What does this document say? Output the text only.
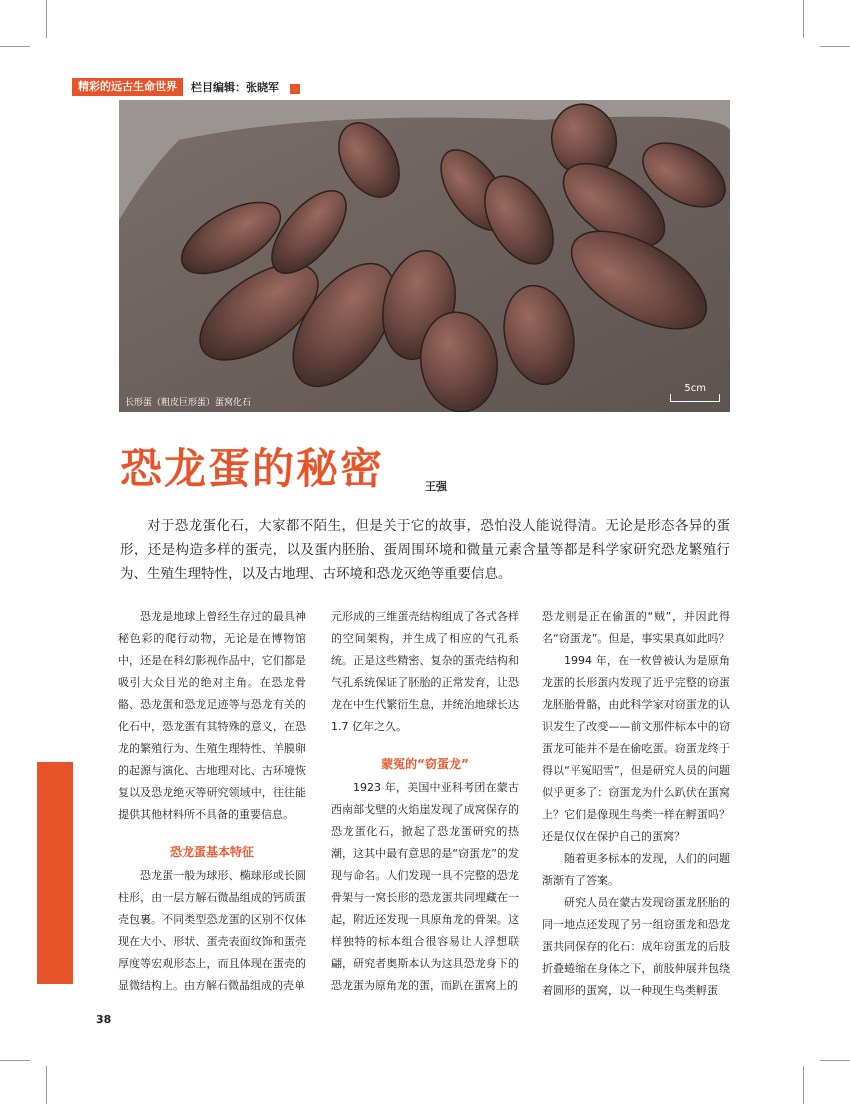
精彩的远古生命世界	栏目编辑：张晓军
长形蛋（粗皮巨形蛋）蛋窝化石
5cm
恐龙蛋的秘密	王强
对于恐龙蛋化石，大家都不陌生，但是关于它的故事，恐怕没人能说得清。无论是形态各异的蛋形，还是构造多样的蛋壳，以及蛋内胚胎、蛋周围环境和微量元素含量等都是科学家研究恐龙繁殖行为、生殖生理特性，以及古地理、古环境和恐龙灭绝等重要信息。

恐龙是地球上曾经生存过的最具神秘色彩的爬行动物，无论是在博物馆中，还是在科幻影视作品中，它们都是吸引大众目光的绝对主角。在恐龙骨骼、恐龙蛋和恐龙足迹等与恐龙有关的化石中，恐龙蛋有其特殊的意义，在恐龙的繁殖行为、生殖生理特性、羊膜卵的起源与演化、古地理对比、古环境恢复以及恐龙绝灭等研究领域中，往往能提供其他材料所不具备的重要信息。

恐龙蛋基本特征

恐龙蛋一般为球形、椭球形或长圆柱形，由一层方解石微晶组成的钙质蛋壳包裹。不同类型恐龙蛋的区别不仅体现在大小、形状、蛋壳表面纹饰和蛋壳厚度等宏观形态上，而且体现在蛋壳的显微结构上。由方解石微晶组成的壳单

元形成的三维蛋壳结构组成了各式各样的空间架构，并生成了相应的气孔系统。正是这些精密、复杂的蛋壳结构和气孔系统保证了胚胎的正常发育，让恐龙在中生代繁衍生息，并统治地球长达 1.7 亿年之久。

蒙冤的“窃蛋龙”

1923 年，美国中亚科考团在蒙古西南部戈壁的火焰崖发现了成窝保存的恐龙蛋化石，掀起了恐龙蛋研究的热潮，这其中最有意思的是“窃蛋龙”的发现与命名。人们发现一具不完整的恐龙骨架与一窝长形的恐龙蛋共同埋藏在一起，附近还发现一具原角龙的骨架。这样独特的标本组合很容易让人浮想联翩，研究者奥斯本认为这具恐龙身下的恐龙蛋为原角龙的蛋，而趴在蛋窝上的

恐龙则是正在偷蛋的“贼”，并因此得名“窃蛋龙”。但是，事实果真如此吗？

1994 年，在一枚曾被认为是原角龙蛋的长形蛋内发现了近乎完整的窃蛋龙胚胎骨骼，由此科学家对窃蛋龙的认识发生了改变——前文那件标本中的窃蛋龙可能并不是在偷吃蛋。窃蛋龙终于得以“平冤昭雪”，但是研究人员的问题似乎更多了：窃蛋龙为什么趴伏在蛋窝上？它们是像现生鸟类一样在孵蛋吗？还是仅仅在保护自己的蛋窝？

随着更多标本的发现，人们的问题渐渐有了答案。

研究人员在蒙古发现窃蛋龙胚胎的同一地点还发现了另一组窃蛋龙和恐龙蛋共同保存的化石：成年窃蛋龙的后肢折叠蜷缩在身体之下，前肢伸展并包绕着圆形的蛋窝，以一种现生鸟类孵蛋

38
